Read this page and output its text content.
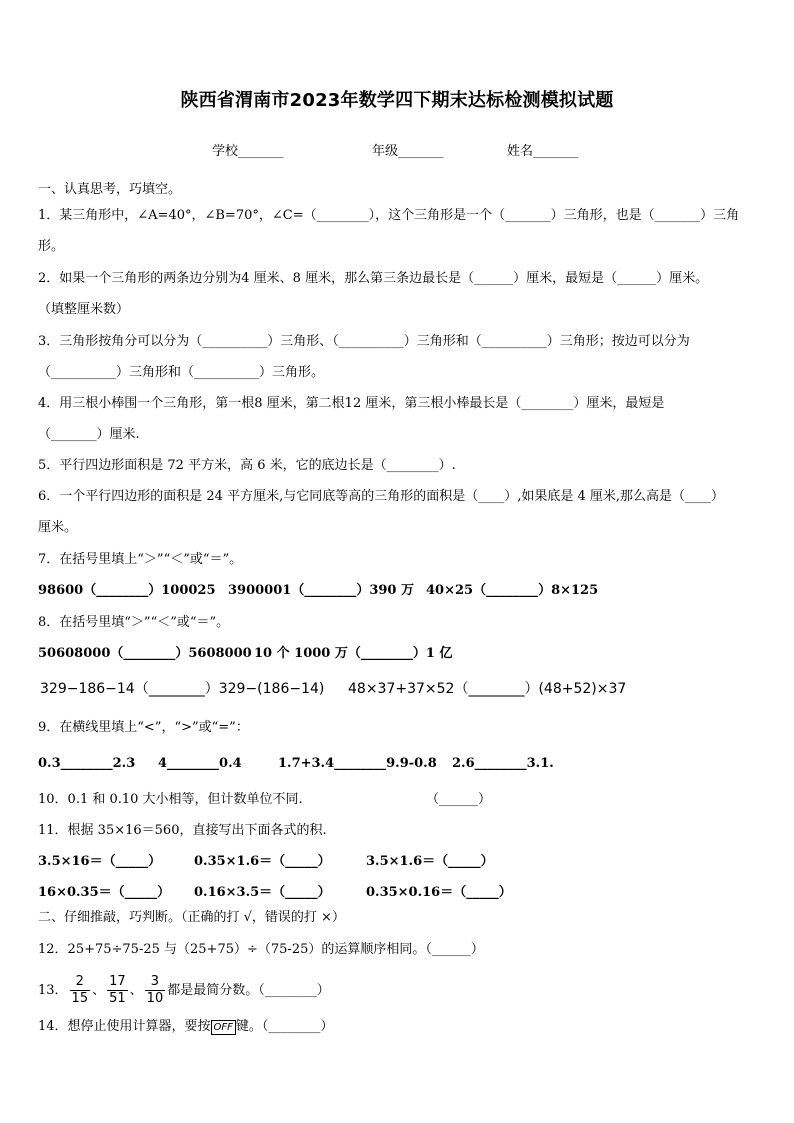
陕西省渭南市2023年数学四下期末达标检测模拟试题
学校_______	年级_______	姓名_______
一、认真思考，巧填空。
1．某三角形中，∠A=40°，∠B=70°，∠C=（________），这个三角形是一个（_______）三角形，也是（_______）三角
形。
2．如果一个三角形的两条边分别为4 厘米、8 厘米，那么第三条边最长是（______）厘米，最短是（______）厘米。
（填整厘米数）
3．三角形按角分可以分为（__________）三角形、（__________）三角形和（__________）三角形；按边可以分为
（__________）三角形和（__________）三角形。
4．用三根小棒围一个三角形，第一根8 厘米，第二根12 厘米，第三根小棒最长是（________）厘米，最短是
（_______）厘米.
5．平行四边形面积是 72 平方米，高 6 米，它的底边长是（________）.
6．一个平行四边形的面积是 24 平方厘米,与它同底等高的三角形的面积是（____）,如果底是 4 厘米,那么高是（____）
厘米。
7．在括号里填上“＞”“＜”或“＝”。
98600（________）100025 3900001（________）390 万 40×25（________）8×125
8．在括号里填“＞”“＜”或“＝”。
50608000（________）5608000 10 个 1000 万（________）1 亿
329−186−14（________）329−(186−14) 48×37+37×52（________）(48+52)×37
9．在横线里填上“<”，“>”或“=”：
0.3________2.3 4________0.4	1.7+3.4________9.9-0.8 2.6________3.1.
10．0.1 和 0.10 大小相等，但计数单位不同.	（______）
11．根据 35×16＝560，直接写出下面各式的积.
3.5×16＝（_____）	0.35×1.6＝（_____）	3.5×1.6＝（_____）
16×0.35＝（_____） 0.16×3.5＝（_____）	0.35×0.16＝（_____）
二、仔细推敲，巧判断。（正确的打 √，错误的打 ×）
12．25+75÷75-25 与（25+75）÷（75-25）的运算顺序相同。（______）
13． $\frac{2}{15}$ 、 $\frac{17}{51}$ 、 $\frac{3}{10}$ 都是最简分数。（________）
14．想停止使用计算器，要按 OFF 键。（________）
